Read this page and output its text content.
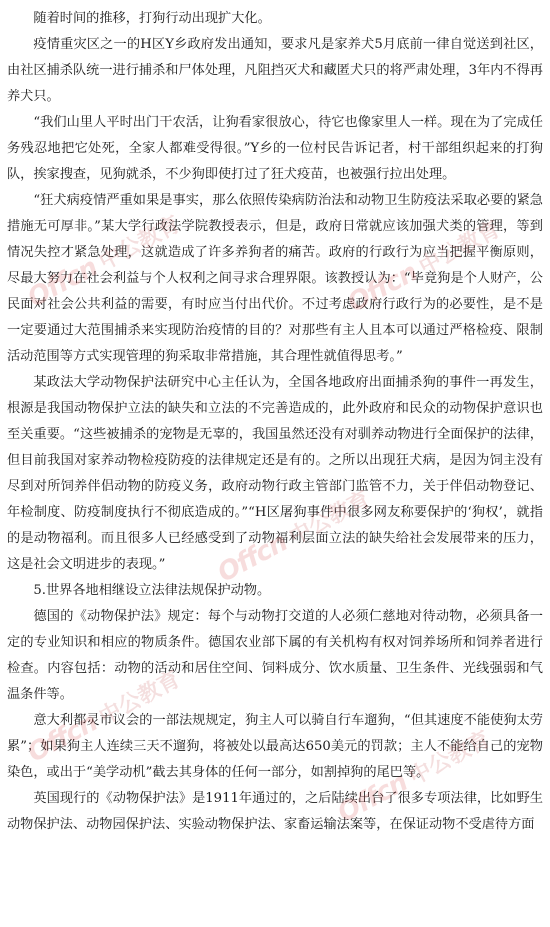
随着时间的推移，打狗行动出现扩大化。

疫情重灾区之一的H区Y乡政府发出通知，要求凡是家养犬5月底前一律自觉送到社区，由社区捕杀队统一进行捕杀和尸体处理，凡阻挡灭犬和藏匿犬只的将严肃处理，3年内不得再养犬只。

“我们山里人平时出门干农活，让狗看家很放心，待它也像家里人一样。现在为了完成任务残忍地把它处死，全家人都难受得很。”Y乡的一位村民告诉记者，村干部组织起来的打狗队，挨家搜查，见狗就杀，不少狗即使打过了狂犬疫苗，也被强行拉出处理。

“狂犬病疫情严重如果是事实，那么依照传染病防治法和动物卫生防疫法采取必要的紧急措施无可厚非。”某大学行政法学院教授表示，但是，政府日常就应该加强犬类的管理，等到情况失控才紧急处理，这就造成了许多养狗者的痛苦。政府的行政行为应当把握平衡原则，尽最大努力在社会利益与个人权利之间寻求合理界限。该教授认为：“毕竟狗是个人财产，公民面对社会公共利益的需要，有时应当付出代价。不过考虑政府行政行为的必要性，是不是一定要通过大范围捕杀来实现防治疫情的目的？对那些有主人且本可以通过严格检疫、限制活动范围等方式实现管理的狗采取非常措施，其合理性就值得思考。”

某政法大学动物保护法研究中心主任认为，全国各地政府出面捕杀狗的事件一再发生，根源是我国动物保护立法的缺失和立法的不完善造成的，此外政府和民众的动物保护意识也至关重要。“这些被捕杀的宠物是无辜的，我国虽然还没有对驯养动物进行全面保护的法律，但目前我国对家养动物检疫防疫的法律规定还是有的。之所以出现狂犬病，是因为饲主没有尽到对所饲养伴侣动物的防疫义务，政府动物行政主管部门监管不力，关于伴侣动物登记、年检制度、防疫制度执行不彻底造成的。”“H区屠狗事件中很多网友称要保护的‘狗权’，就指的是动物福利。而且很多人已经感受到了动物福利层面立法的缺失给社会发展带来的压力，这是社会文明进步的表现。”

5.世界各地相继设立法律法规保护动物。

德国的《动物保护法》规定：每个与动物打交道的人必须仁慈地对待动物，必须具备一定的专业知识和相应的物质条件。德国农业部下属的有关机构有权对饲养场所和饲养者进行检查。内容包括：动物的活动和居住空间、饲料成分、饮水质量、卫生条件、光线强弱和气温条件等。

意大利都灵市议会的一部法规规定，狗主人可以骑自行车遛狗，“但其速度不能使狗太劳累”；如果狗主人连续三天不遛狗，将被处以最高达650美元的罚款；主人不能给自己的宠物染色，或出于“美学动机”截去其身体的任何一部分，如割掉狗的尾巴等。

英国现行的《动物保护法》是1911年通过的，之后陆续出台了很多专项法律，比如野生动物保护法、动物园保护法、实验动物保护法、家畜运输法案等，在保证动物不受虐待方面

Offcn中公教育
Offcn中公教育
Offcn中公教育
Offcn中公教育
Offcn中公教育
